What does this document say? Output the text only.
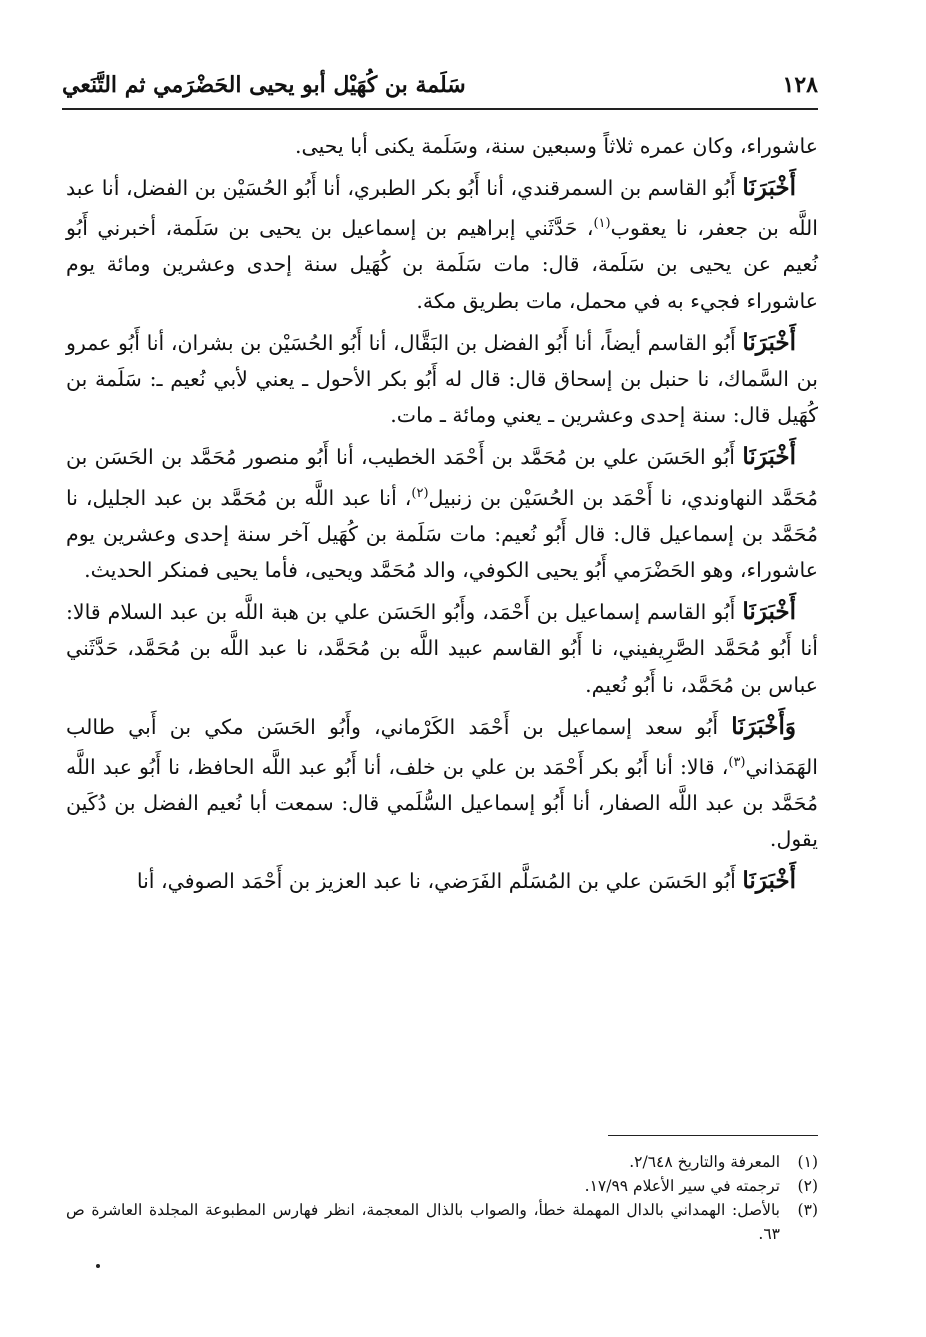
١٢٨
سَلَمة بن كُهَيْل أبو يحيى الحَضْرَمي ثم التَّنَعي

عاشوراء، وكان عمره ثلاثاً وسبعين سنة، وسَلَمة يكنى أبا يحيى.

أَخْبَرَنَا أَبُو القاسم بن السمرقندي، أنا أَبُو بكر الطبري، أنا أَبُو الحُسَيْن بن الفضل، أنا عبد اللَّه بن جعفر، نا يعقوب$^{(١)}$، حَدَّثَني إبراهيم بن إسماعيل بن يحيى بن سَلَمة، أخبرني أَبُو نُعيم عن يحيى بن سَلَمة، قال: مات سَلَمة بن كُهَيل سنة إحدى وعشرين ومائة يوم عاشوراء فجيء به في محمل، مات بطريق مكة.

أَخْبَرَنَا أَبُو القاسم أيضاً، أنا أَبُو الفضل بن البَقَّال، أنا أَبُو الحُسَيْن بن بشران، أنا أَبُو عمرو بن السَّماك، نا حنبل بن إسحاق قال: قال له أَبُو بكر الأحول ـ يعني لأبي نُعيم ـ: سَلَمة بن كُهَيل قال: سنة إحدى وعشرين ـ يعني ومائة ـ مات.

أَخْبَرَنَا أَبُو الحَسَن علي بن مُحَمَّد بن أَحْمَد الخطيب، أنا أَبُو منصور مُحَمَّد بن الحَسَن بن مُحَمَّد النهاوندي، نا أَحْمَد بن الحُسَيْن بن زنبيل$^{(٢)}$، أنا عبد اللَّه بن مُحَمَّد بن عبد الجليل، نا مُحَمَّد بن إسماعيل قال: قال أَبُو نُعيم: مات سَلَمة بن كُهَيل آخر سنة إحدى وعشرين يوم عاشوراء، وهو الحَضْرَمي أَبُو يحيى الكوفي، والد مُحَمَّد ويحيى، فأما يحيى فمنكر الحديث.

أَخْبَرَنَا أَبُو القاسم إسماعيل بن أَحْمَد، وأَبُو الحَسَن علي بن هبة اللَّه بن عبد السلام قالا: أنا أَبُو مُحَمَّد الصَّرِيفيني، نا أَبُو القاسم عبيد اللَّه بن مُحَمَّد، نا عبد اللَّه بن مُحَمَّد، حَدَّثَني عباس بن مُحَمَّد، نا أَبُو نُعيم.

وَأَخْبَرَنَا أَبُو سعد إسماعيل بن أَحْمَد الكَرْماني، وأَبُو الحَسَن مكي بن أَبي طالب الهَمَذاني$^{(٣)}$، قالا: أنا أَبُو بكر أَحْمَد بن علي بن خلف، أنا أَبُو عبد اللَّه الحافظ، نا أَبُو عبد اللَّه مُحَمَّد بن عبد اللَّه الصفار، أنا أَبُو إسماعيل السُّلَمي قال: سمعت أبا نُعيم الفضل بن دُكَين يقول.

أَخْبَرَنَا أَبُو الحَسَن علي بن المُسَلَّم الفَرَضي، نا عبد العزيز بن أَحْمَد الصوفي، أنا

(١)
المعرفة والتاريخ ٢/٦٤٨.
(٢)
ترجمته في سير الأعلام ١٧/٩٩.
(٣)
بالأصل: الهمداني بالدال المهملة خطأ، والصواب بالذال المعجمة، انظر فهارس المطبوعة المجلدة العاشرة ص ٦٣.
